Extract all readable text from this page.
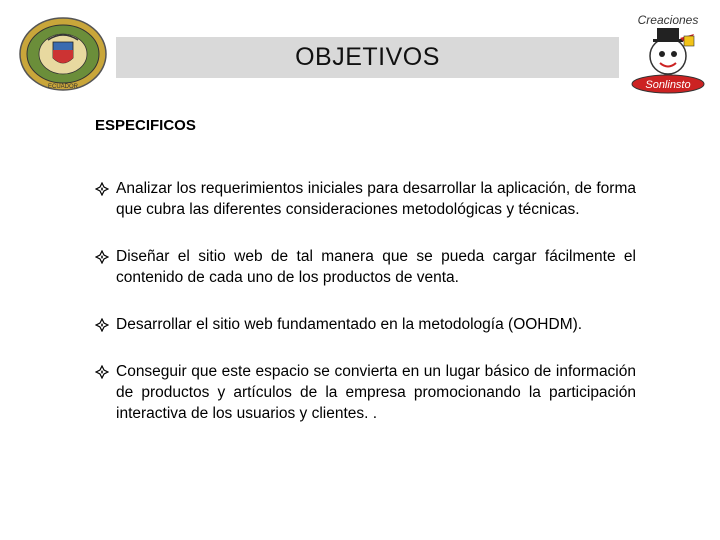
ECUADOR
OBJETIVOS
Creaciones
Sonlinsto
ESPECIFICOS
Analizar los requerimientos iniciales para desarrollar la aplicación, de forma que cubra las diferentes consideraciones metodológicas y técnicas.
Diseñar el sitio web de tal manera que se pueda cargar fácilmente el contenido de cada uno de los productos de venta.
Desarrollar el sitio web fundamentado en la metodología (OOHDM).
Conseguir que este espacio se convierta en un lugar básico de información de productos y artículos de la empresa promocionando la participación interactiva de los usuarios y clientes. .
